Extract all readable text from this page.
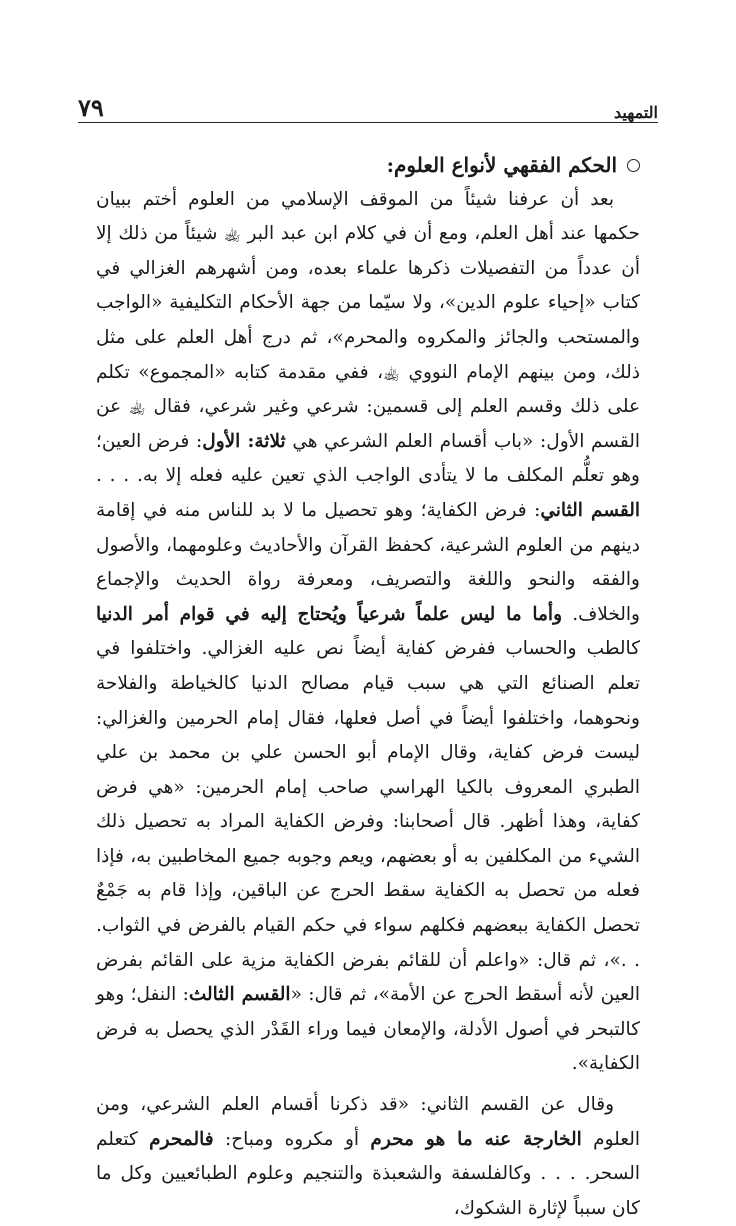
التمهيد
٧٩
الحكم الفقهي لأنواع العلوم:

بعد أن عرفنا شيئاً من الموقف الإسلامي من العلوم أختم ببيان حكمها عند أهل العلم، ومع أن في كلام ابن عبد البر ﵀ شيئاً من ذلك إلا أن عدداً من التفصيلات ذكرها علماء بعده، ومن أشهرهم الغزالي في كتاب «إحياء علوم الدين»، ولا سيّما من جهة الأحكام التكليفية «الواجب والمستحب والجائز والمكروه والمحرم»، ثم درج أهل العلم على مثل ذلك، ومن بينهم الإمام النووي ﵀، ففي مقدمة كتابه «المجموع» تكلم على ذلك وقسم العلم إلى قسمين: شرعي وغير شرعي، فقال ﵀ عن القسم الأول: «باب أقسام العلم الشرعي هي ثلاثة: الأول: فرض العين؛ وهو تعلُّم المكلف ما لا يتأدى الواجب الذي تعين عليه فعله إلا به. . . . القسم الثاني: فرض الكفاية؛ وهو تحصيل ما لا بد للناس منه في إقامة دينهم من العلوم الشرعية، كحفظ القرآن والأحاديث وعلومهما، والأصول والفقه والنحو واللغة والتصريف، ومعرفة رواة الحديث والإجماع والخلاف. وأما ما ليس علماً شرعياً ويُحتاج إليه في قوام أمر الدنيا كالطب والحساب ففرض كفاية أيضاً نص عليه الغزالي. واختلفوا في تعلم الصنائع التي هي سبب قيام مصالح الدنيا كالخياطة والفلاحة ونحوهما، واختلفوا أيضاً في أصل فعلها، فقال إمام الحرمين والغزالي: ليست فرض كفاية، وقال الإمام أبو الحسن علي بن محمد بن علي الطبري المعروف بالكيا الهراسي صاحب إمام الحرمين: «هي فرض كفاية، وهذا أظهر. قال أصحابنا: وفرض الكفاية المراد به تحصيل ذلك الشيء من المكلفين به أو بعضهم، ويعم وجوبه جميع المخاطبين به، فإذا فعله من تحصل به الكفاية سقط الحرج عن الباقين، وإذا قام به جَمْعٌ تحصل الكفاية ببعضهم فكلهم سواء في حكم القيام بالفرض في الثواب. . .»، ثم قال: «واعلم أن للقائم بفرض الكفاية مزية على القائم بفرض العين لأنه أسقط الحرج عن الأمة»، ثم قال: «القسم الثالث: النفل؛ وهو كالتبحر في أصول الأدلة، والإمعان فيما وراء القَدْر الذي يحصل به فرض الكفاية».

وقال عن القسم الثاني: «قد ذكرنا أقسام العلم الشرعي، ومن العلوم الخارجة عنه ما هو محرم أو مكروه ومباح: فالمحرم كتعلم السحر. . . . وكالفلسفة والشعبذة والتنجيم وعلوم الطبائعيين وكل ما كان سبباً لإثارة الشكوك،
